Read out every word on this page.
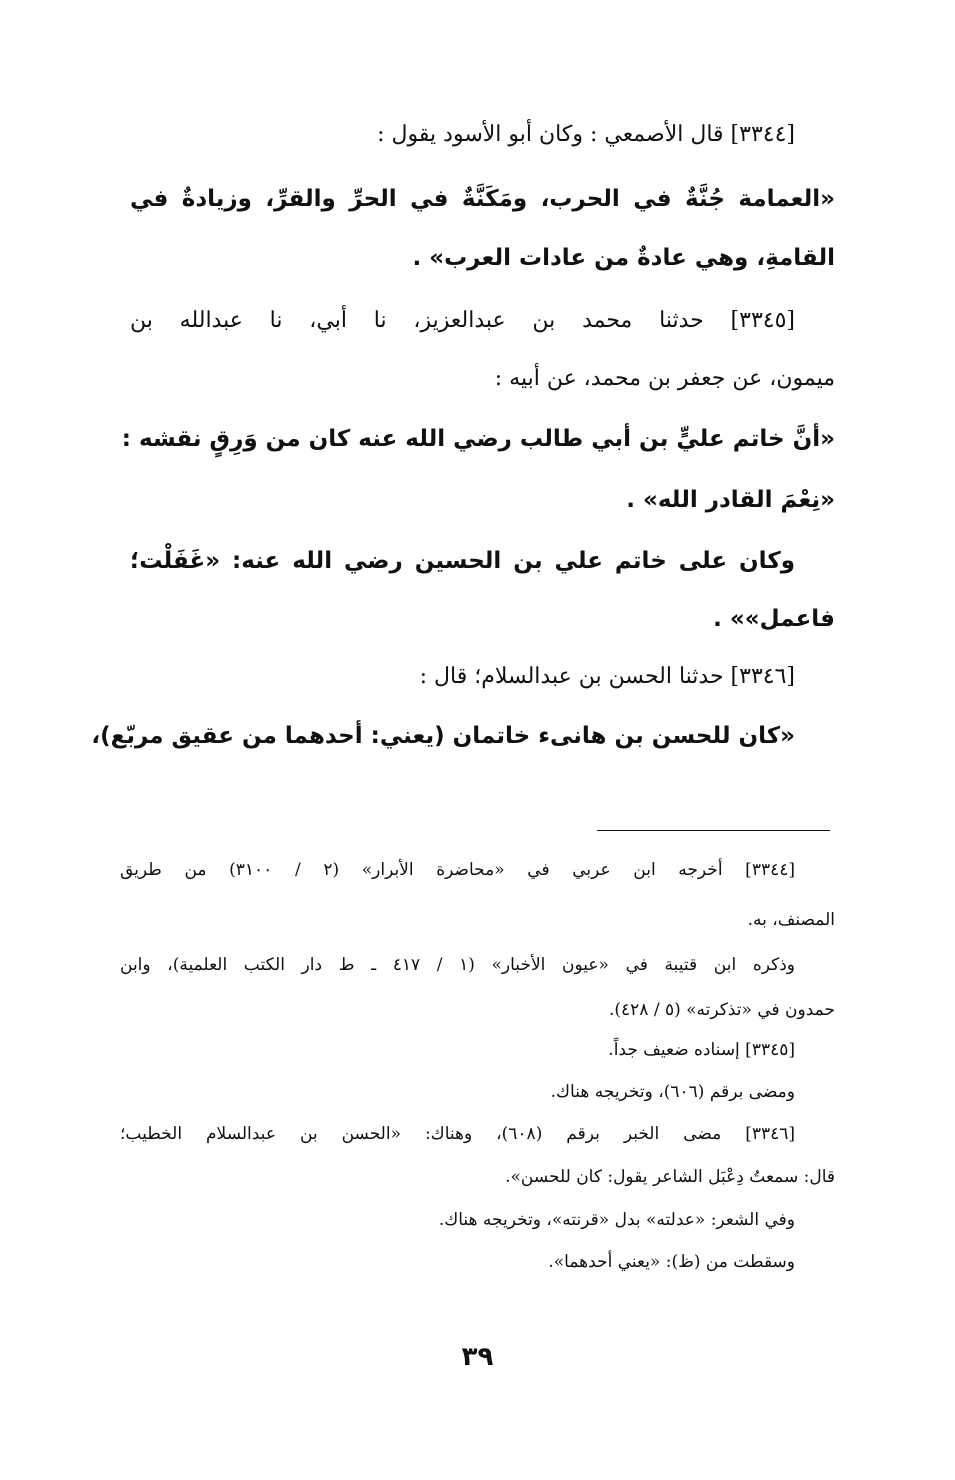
[٣٣٤٤] قال الأصمعي : وكان أبو الأسود يقول :
«العمامة جُنَّةٌ في الحرب، ومَكَنَّةٌ في الحرِّ والقرِّ، وزيادةٌ في
القامةِ، وهي عادةٌ من عادات العرب» .
[٣٣٤٥] حدثنا محمد بن عبدالعزيز، نا أبي، نا عبدالله بن
ميمون، عن جعفر بن محمد، عن أبيه :
«أنَّ خاتم عليٍّ بن أبي طالب رضي الله عنه كان من وَرِقٍ نقشه :
«نِعْمَ القادر الله» .
وكان على خاتم علي بن الحسين رضي الله عنه: «غَفَلْت؛
فاعمل»» .
[٣٣٤٦] حدثنا الحسن بن عبدالسلام؛ قال :
«كان للحسن بن هانىء خاتمان (يعني: أحدهما من عقيق مربّع)،
[٣٣٤٤] أخرجه ابن عربي في «محاضرة الأبرار» (٢ / ٣١٠٠) من طريق
المصنف، به.
وذكره ابن قتيبة في «عيون الأخبار» (١ / ٤١٧ ـ ط دار الكتب العلمية)، وابن
حمدون في «تذكرته» (٥ / ٤٢٨).
[٣٣٤٥] إسناده ضعيف جداً.
ومضى برقم (٦٠٦)، وتخريجه هناك.
[٣٣٤٦] مضى الخبر برقم (٦٠٨)، وهناك: «الحسن بن عبدالسلام الخطيب؛
قال: سمعتُ دِعْبَل الشاعر يقول: كان للحسن».
وفي الشعر: «عدلته» بدل «قرنته»، وتخريجه هناك.
وسقطت من (ظ): «يعني أحدهما».
٣٩
